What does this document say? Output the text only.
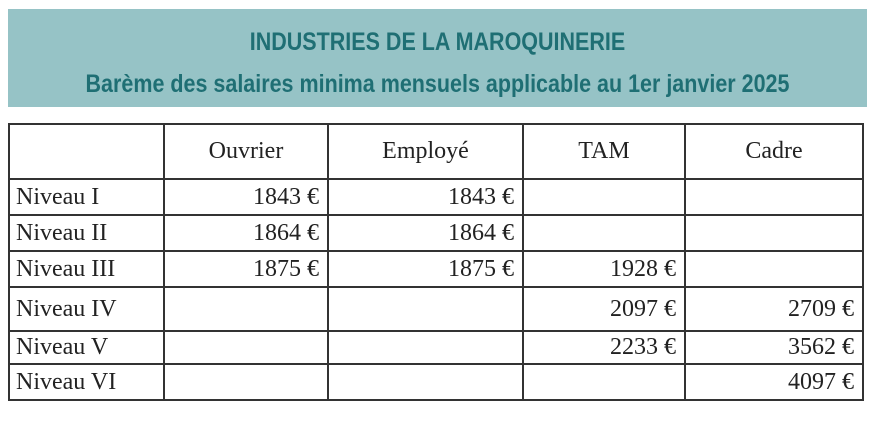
INDUSTRIES DE LA MAROQUINERIE
Barème des salaires minima mensuels applicable au 1er janvier 2025
	Ouvrier	Employé	TAM	Cadre
Niveau I	1843 €	1843 €		
Niveau II	1864 €	1864 €		
Niveau III	1875 €	1875 €	1928 €	
Niveau IV			2097 €	2709 €
Niveau V			2233 €	3562 €
Niveau VI				4097 €
